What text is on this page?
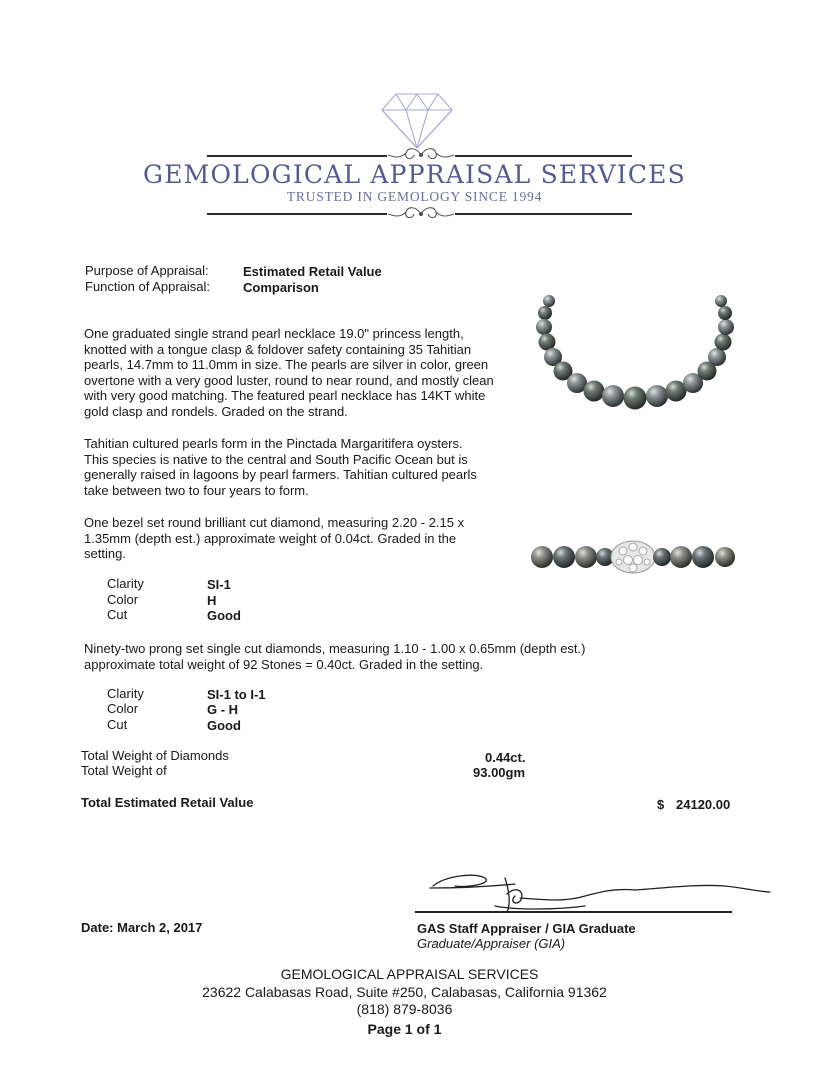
GEMOLOGICAL APPRAISAL SERVICES
TRUSTED IN GEMOLOGY SINCE 1994
Purpose of Appraisal:	Estimated Retail Value
Function of Appraisal:	Comparison
One graduated single strand pearl necklace 19.0" princess length, knotted with a tongue clasp & foldover safety containing 35 Tahitian pearls, 14.7mm to 11.0mm in size. The pearls are silver in color, green overtone with a very good luster, round to near round, and mostly clean with very good matching. The featured pearl necklace has 14KT white gold clasp and rondels. Graded on the strand.
Tahitian cultured pearls form in the Pinctada Margaritifera oysters. This species is native to the central and South Pacific Ocean but is generally raised in lagoons by pearl farmers. Tahitian cultured pearls take between two to four years to form.
One bezel set round brilliant cut diamond, measuring 2.20 - 2.15 x 1.35mm (depth est.) approximate weight of 0.04ct. Graded in the setting.
Clarity	SI-1
Color	H
Cut	Good
Ninety-two prong set single cut diamonds, measuring 1.10 - 1.00 x 0.65mm (depth est.) approximate total weight of 92 Stones = 0.40ct. Graded in the setting.
Clarity	SI-1 to I-1
Color	G - H
Cut	Good
Total Weight of Diamonds	0.44ct.
Total Weight of	93.00gm
Total Estimated Retail Value	$ 24120.00
Date: March 2, 2017	GAS Staff Appraiser / GIA Graduate
Graduate/Appraiser (GIA)
GEMOLOGICAL APPRAISAL SERVICES
23622 Calabasas Road, Suite #250, Calabasas, California 91362
(818) 879-8036
Page 1 of 1
